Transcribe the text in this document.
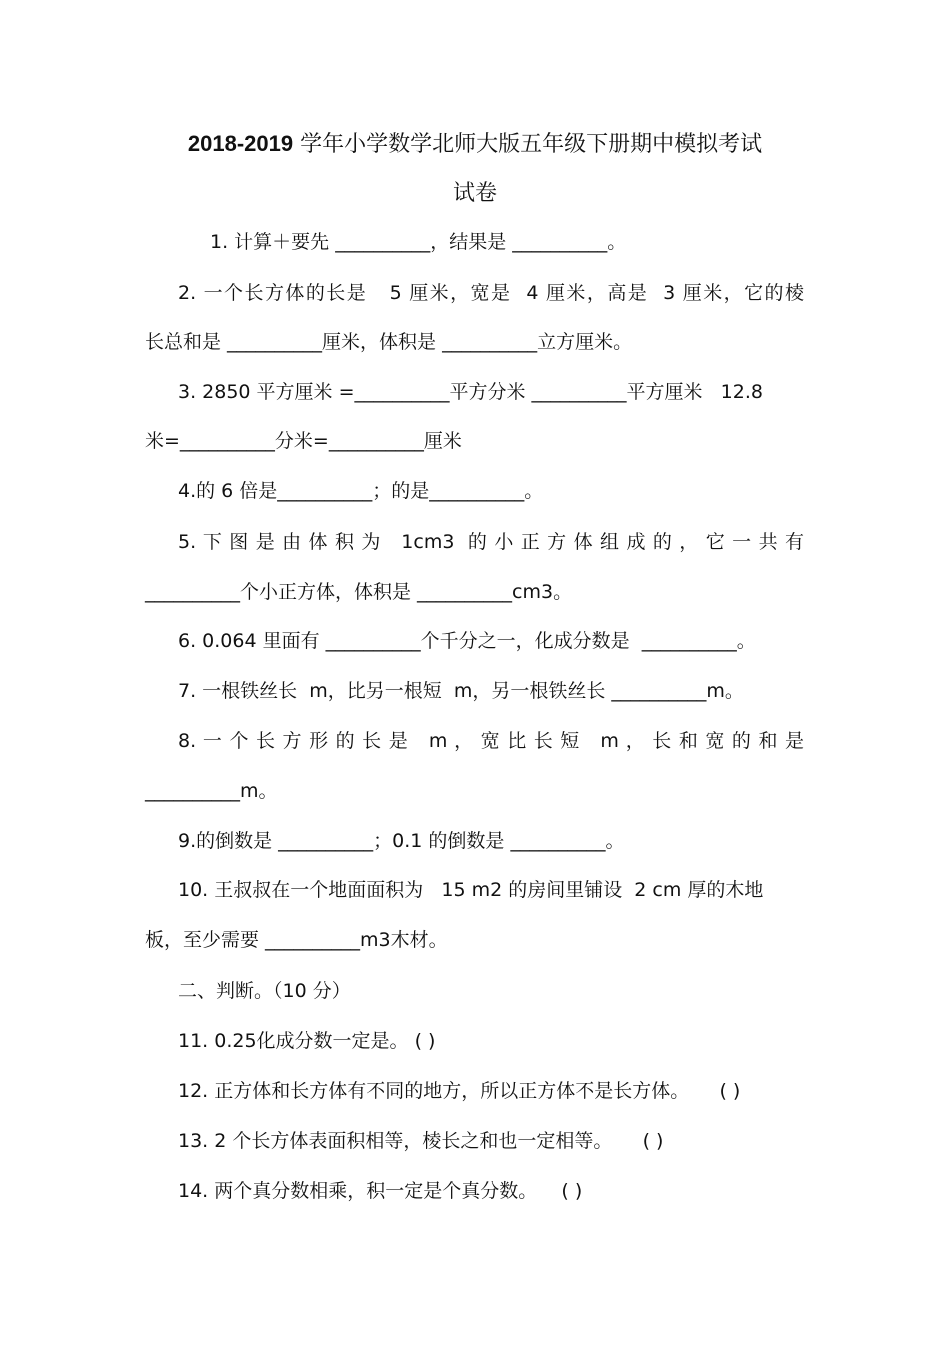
2018-2019 学年小学数学北师大版五年级下册期中模拟考试
试卷
1. 计算＋要先 __________，结果是 __________。
2. 一个长方体的长是   5 厘米，宽是  4 厘米，高是  3 厘米，它的棱
长总和是 __________厘米，体积是 __________立方厘米。
3. 2850 平方厘米 =__________平方分米 __________平方厘米   12.8
米=__________分米=__________厘米
4.的 6 倍是__________；的是__________。
5. 下 图 是 由 体 积 为   1cm3  的 小 正 方 体 组 成 的 ， 它 一 共 有
__________个小正方体，体积是 __________cm3。
6. 0.064 里面有 __________个千分之一，化成分数是  __________。
7. 一根铁丝长  m，比另一根短  m，另一根铁丝长 __________m。
8. 一 个 长 方 形 的 长 是   m ， 宽 比 长 短   m ， 长 和 宽 的 和 是
__________m。
9.的倒数是 __________；0.1 的倒数是 __________。
10. 王叔叔在一个地面面积为   15 m2 的房间里铺设  2 cm 厚的木地
板，至少需要 __________m3木材。
二、判断。（10 分）
11. 0.25化成分数一定是。 ( )
12. 正方体和长方体有不同的地方，所以正方体不是长方体。     ( )
13. 2 个长方体表面积相等，棱长之和也一定相等。     ( )
14. 两个真分数相乘，积一定是个真分数。    ( )
